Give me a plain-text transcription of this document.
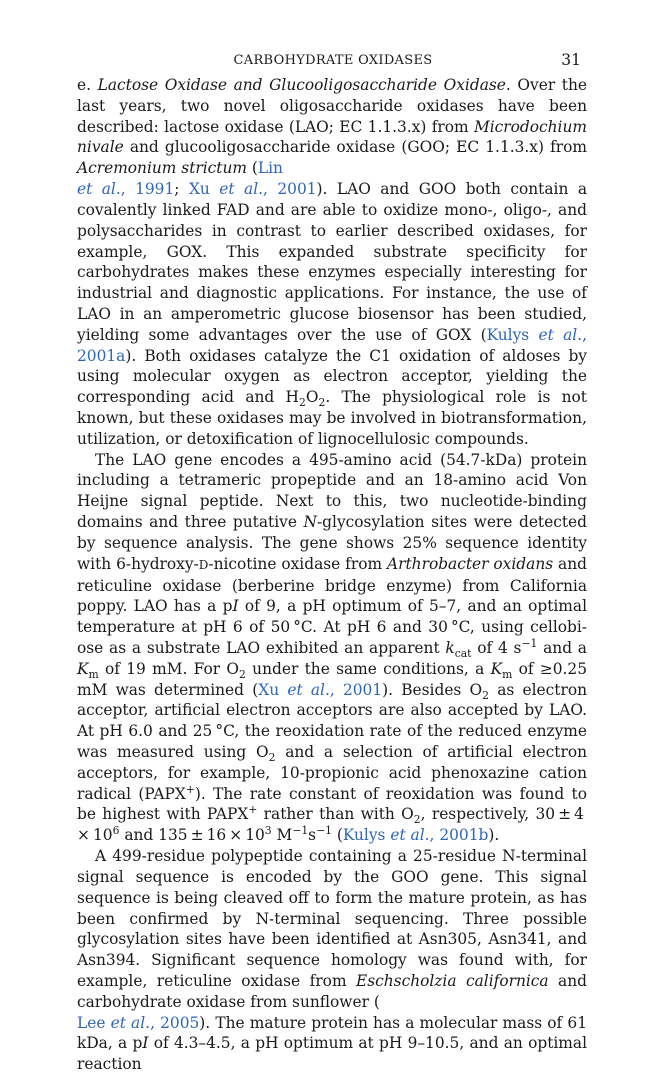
CARBOHYDRATE OXIDASES	31

e. Lactose Oxidase and Glucooligosaccharide Oxidase. Over the last years, two novel oligosaccharide oxidases have been described: lactose oxidase (LAO; EC 1.1.3.x) from Microdochium nivale and glucooligosaccharide oxidase (GOO; EC 1.1.3.x) from Acremonium strictum (Lin
et al., 1991; Xu et al., 2001). LAO and GOO both contain a covalently linked FAD and are able to oxidize mono-, oligo-, and polysaccharides in contrast to earlier described oxidases, for example, GOX. This expanded substrate specificity for carbohydrates makes these enzymes especially interesting for industrial and diagnostic applications. For instance, the use of LAO in an amperometric glucose biosensor has been studied, yielding some advantages over the use of GOX (Kulys et al., 2001a). Both oxidases catalyze the C1 oxidation of aldoses by using molecular oxygen as electron acceptor, yielding the corresponding acid and $H_2O_2$. The physiological role is not known, but these oxidases may be involved in biotransformation, utilization, or detoxification of lignocellulosic compounds.

The LAO gene encodes a 495-amino acid (54.7-kDa) protein including a tetrameric propeptide and an 18-amino acid Von Heijne signal peptide. Next to this, two nucleotide-binding domains and three putative N-glycosylation sites were detected by sequence analysis. The gene shows 25% sequence identity with 6-hydroxy-D-nicotine oxidase from Arthrobacter oxidans and reticuline oxidase (berberine bridge enzyme) from California poppy. LAO has a pI of 9, a pH optimum of 5–7, and an optimal temperature at pH 6 of 50 °C. At pH 6 and 30 °C, using cellobiose as a substrate LAO exhibited an apparent $k_{cat}$ of 4 $s^{-1}$ and a $K_m$ of 19 mM. For $O_2$ under the same conditions, a $K_m$ of ≥0.25 mM was determined (Xu et al., 2001). Besides $O_2$ as electron acceptor, artificial electron acceptors are also accepted by LAO. At pH 6.0 and 25 °C, the reoxidation rate of the reduced enzyme was measured using $O_2$ and a selection of artificial electron acceptors, for example, 10-propionic acid phenoxazine cation radical (PAPX+). The rate constant of reoxidation was found to be highest with PAPX+ rather than with $O_2$, respectively, $30 \pm 4 \times 10^6$ and $135 \pm 16 \times 10^3$ $M^{-1}s^{-1}$ (Kulys et al., 2001b).

A 499-residue polypeptide containing a 25-residue N-terminal signal sequence is encoded by the GOO gene. This signal sequence is being cleaved off to form the mature protein, as has been confirmed by N-terminal sequencing. Three possible glycosylation sites have been identified at Asn305, Asn341, and Asn394. Significant sequence homology was found with, for example, reticuline oxidase from Eschscholzia californica and carbohydrate oxidase from sunflower (
Lee et al., 2005). The mature protein has a molecular mass of 61 kDa, a pI of 4.3–4.5, a pH optimum at pH 9–10.5, and an optimal reaction
